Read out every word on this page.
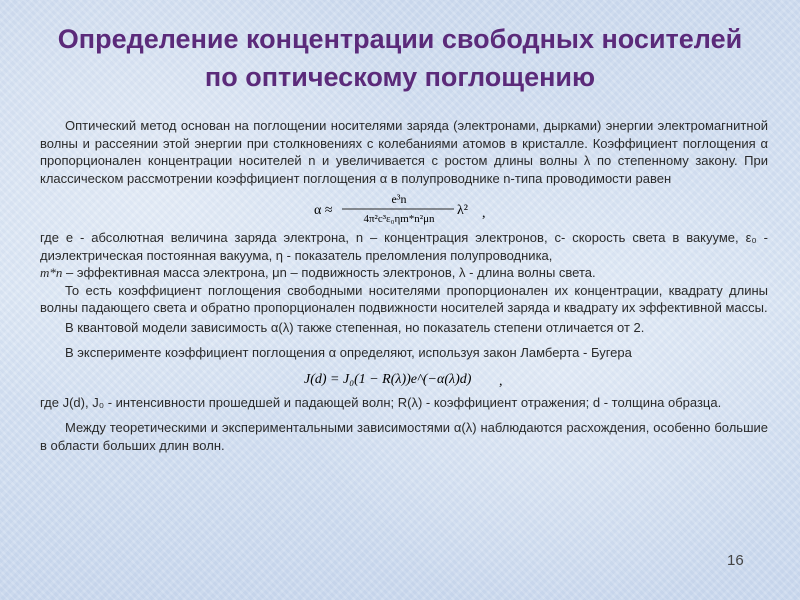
Определение концентрации свободных носителей по оптическому поглощению

Оптический метод основан на поглощении носителями заряда (электронами, дырками) энергии электромагнитной волны и рассеянии этой энергии при столкновениях с колебаниями атомов в кристалле. Коэффициент поглощения α пропорционален концентрации носителей n и увеличивается с ростом длины волны λ по степенному закону. При классическом рассмотрении коэффициент поглощения α в полупроводнике n-типа проводимости равен

α ≈
e³n
4π²c³ε₀ηm*n²μn
λ² ,

где e - абсолютная величина заряда электрона, n – концентрация электронов, c- скорость света в вакууме, ε₀ - диэлектрическая постоянная вакуума, η - показатель преломления полупроводника,
m*n – эффективная масса электрона, μn – подвижность электронов, λ - длина волны света.

То есть коэффициент поглощения свободными носителями пропорционален их концентрации, квадрату длины волны падающего света и обратно пропорционален подвижности носителей заряда и квадрату их эффективной массы.

В квантовой модели зависимость α(λ) также степенная, но показатель степени отличается от 2.

В эксперименте коэффициент поглощения α определяют, используя закон Ламберта - Бугера

J(d) = J₀(1 − R(λ))e^(−α(λ)d) ,

где J(d), J₀ - интенсивности прошедшей и падающей волн; R(λ) - коэффициент отражения; d - толщина образца.

Между теоретическими и экспериментальными зависимостями α(λ) наблюдаются расхождения, особенно большие в области больших длин волн.

16
